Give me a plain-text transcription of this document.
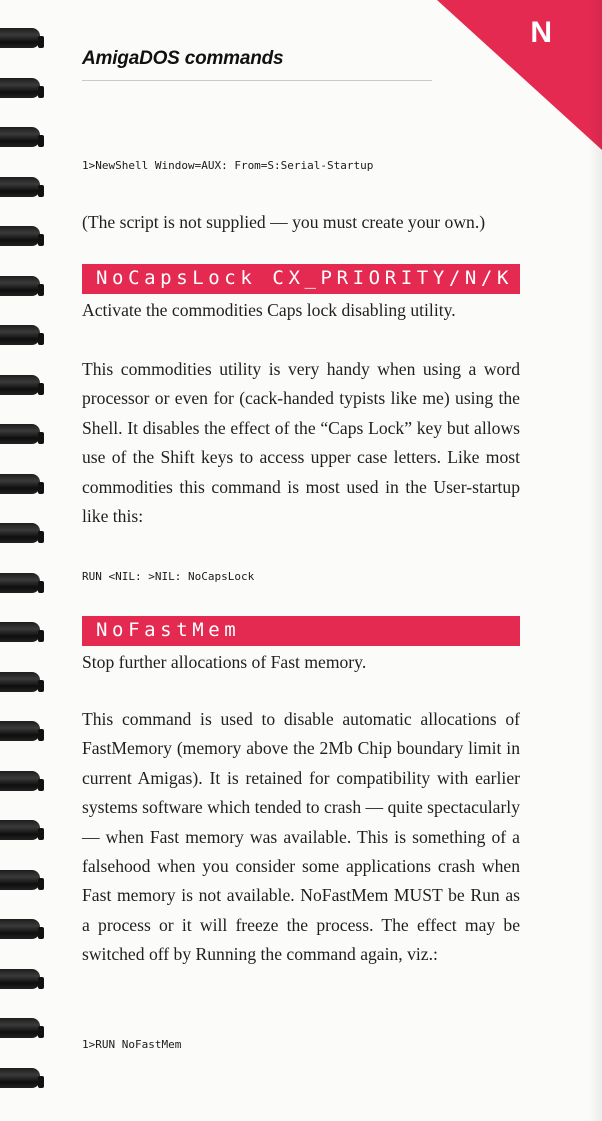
N
AmigaDOS commands
1>NewShell Window=AUX: From=S:Serial-Startup
(The script is not supplied — you must create your own.)
NoCapsLock CX_PRIORITY/N/K
Activate the commodities Caps lock disabling utility.
This commodities utility is very handy when using a word processor or even for (cack-handed typists like me) using the Shell. It disables the effect of the “Caps Lock” key but allows use of the Shift keys to access upper case letters. Like most commodities this command is most used in the User-startup like this:
RUN <NIL: >NIL: NoCapsLock
NoFastMem
Stop further allocations of Fast memory.
This command is used to disable automatic allocations of FastMemory (memory above the 2Mb Chip boundary limit in current Amigas). It is retained for compatibility with earlier systems software which tended to crash — quite spectacularly — when Fast memory was available. This is something of a falsehood when you consider some applications crash when Fast memory is not available. NoFastMem MUST be Run as a process or it will freeze the process. The effect may be switched off by Running the command again, viz.:
1>RUN NoFastMem
